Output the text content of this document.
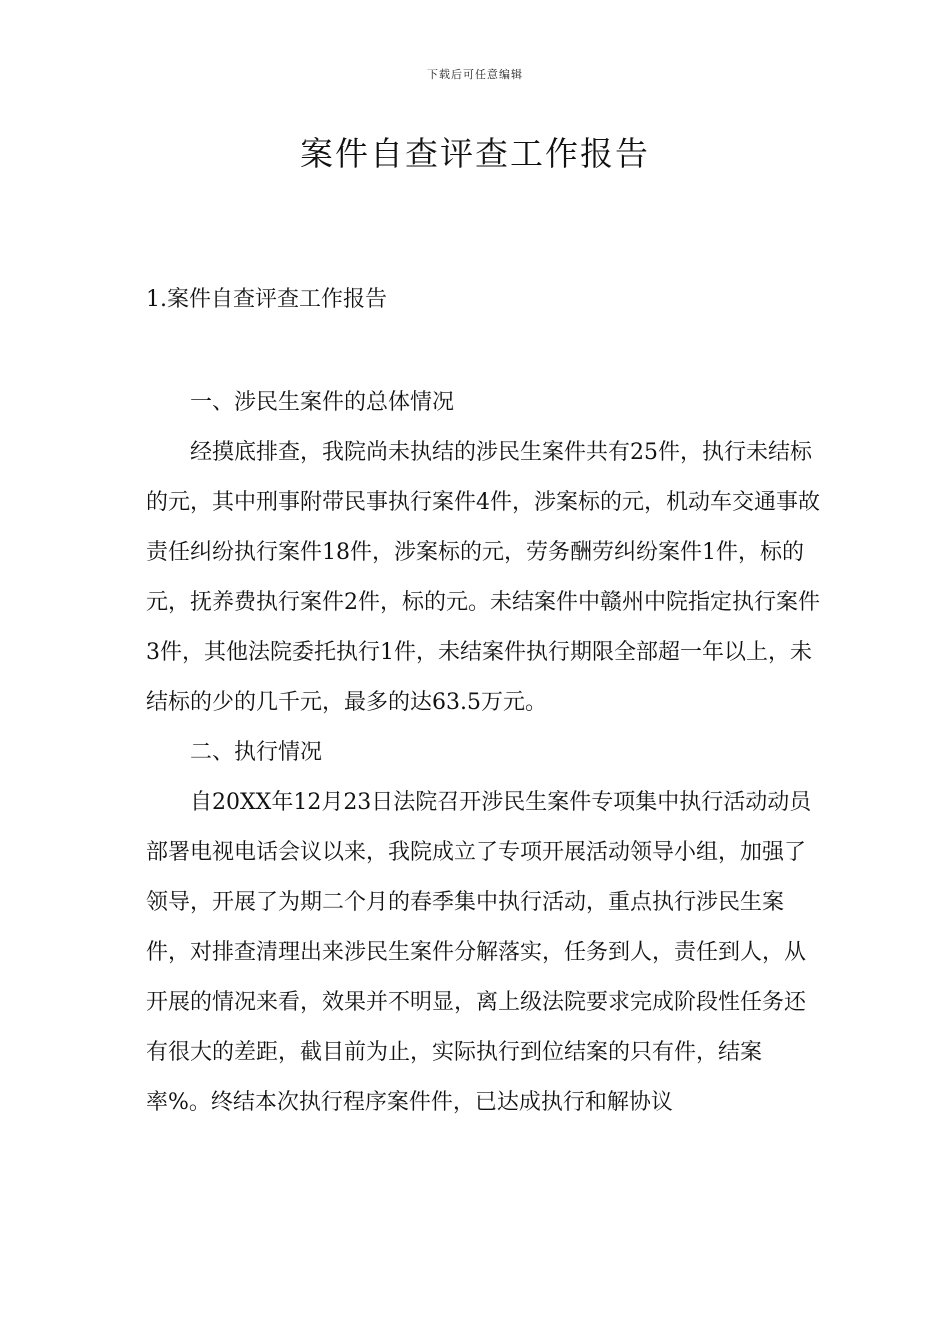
下载后可任意编辑
案件自查评查工作报告
1.案件自查评查工作报告

一、涉民生案件的总体情况

经摸底排查，我院尚未执结的涉民生案件共有25件，执行未结标的元，其中刑事附带民事执行案件4件，涉案标的元，机动车交通事故责任纠纷执行案件18件，涉案标的元，劳务酬劳纠纷案件1件，标的元，抚养费执行案件2件，标的元。未结案件中赣州中院指定执行案件3件，其他法院委托执行1件，未结案件执行期限全部超一年以上，未结标的少的几千元，最多的达63.5万元。

二、执行情况

自20XX年12月23日法院召开涉民生案件专项集中执行活动动员部署电视电话会议以来，我院成立了专项开展活动领导小组，加强了领导，开展了为期二个月的春季集中执行活动，重点执行涉民生案件，对排查清理出来涉民生案件分解落实，任务到人，责任到人，从开展的情况来看，效果并不明显，离上级法院要求完成阶段性任务还有很大的差距，截目前为止，实际执行到位结案的只有件，结案率%。终结本次执行程序案件件，已达成执行和解协议
